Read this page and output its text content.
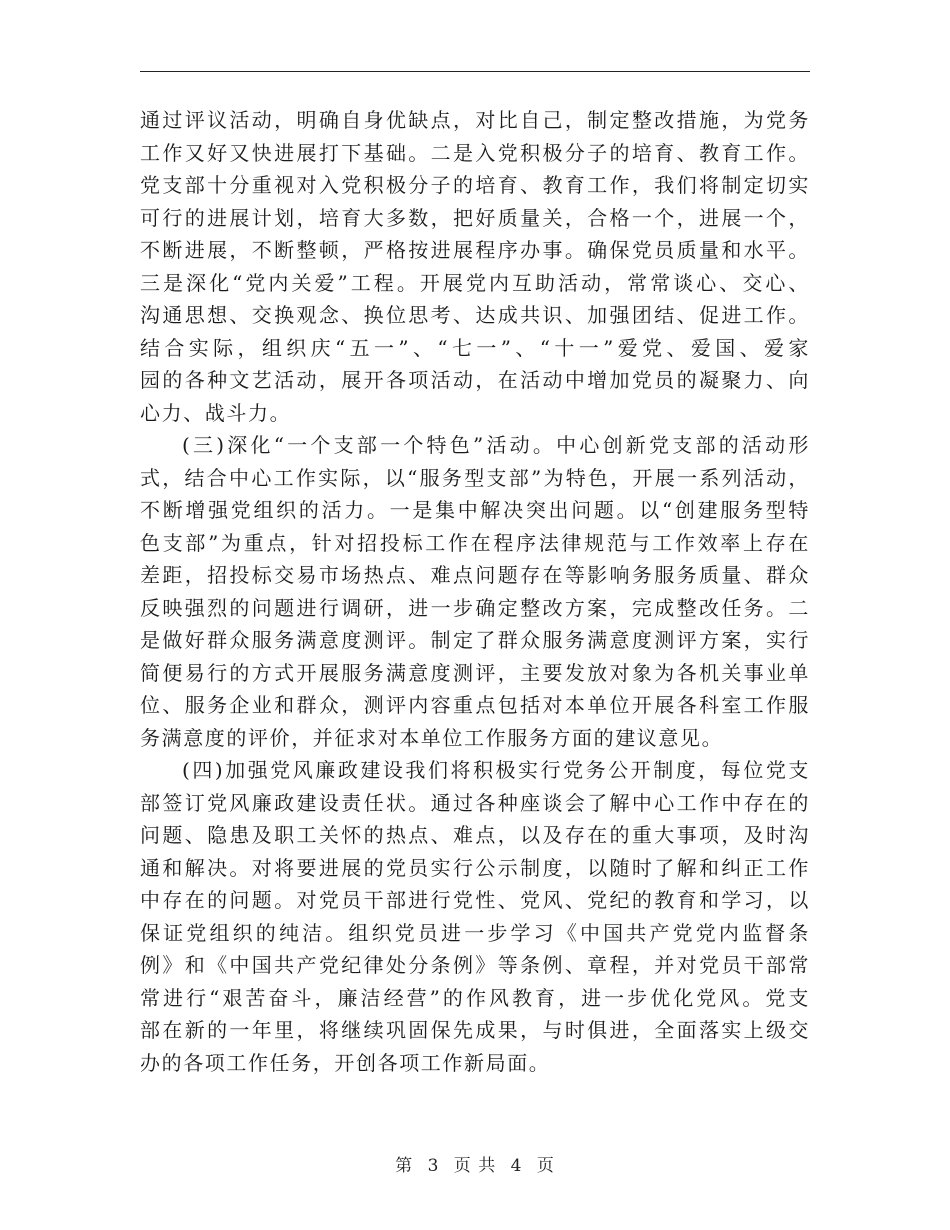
通过评议活动，明确自身优缺点，对比自己，制定整改措施，为党务
工作又好又快进展打下基础。二是入党积极分子的培育、教育工作。
党支部十分重视对入党积极分子的培育、教育工作，我们将制定切实
可行的进展计划，培育大多数，把好质量关，合格一个，进展一个，
不断进展，不断整顿，严格按进展程序办事。确保党员质量和水平。
三是深化“党内关爱”工程。开展党内互助活动，常常谈心、交心、
沟通思想、交换观念、换位思考、达成共识、加强团结、促进工作。
结合实际，组织庆“五一”、“七一”、“十一”爱党、爱国、爱家
园的各种文艺活动，展开各项活动，在活动中增加党员的凝聚力、向
心力、战斗力。
(三)深化“一个支部一个特色”活动。中心创新党支部的活动形
式，结合中心工作实际，以“服务型支部”为特色，开展一系列活动，
不断增强党组织的活力。一是集中解决突出问题。以“创建服务型特
色支部”为重点，针对招投标工作在程序法律规范与工作效率上存在
差距，招投标交易市场热点、难点问题存在等影响务服务质量、群众
反映强烈的问题进行调研，进一步确定整改方案，完成整改任务。二
是做好群众服务满意度测评。制定了群众服务满意度测评方案，实行
简便易行的方式开展服务满意度测评，主要发放对象为各机关事业单
位、服务企业和群众，测评内容重点包括对本单位开展各科室工作服
务满意度的评价，并征求对本单位工作服务方面的建议意见。
(四)加强党风廉政建设我们将积极实行党务公开制度，每位党支
部签订党风廉政建设责任状。通过各种座谈会了解中心工作中存在的
问题、隐患及职工关怀的热点、难点，以及存在的重大事项，及时沟
通和解决。对将要进展的党员实行公示制度，以随时了解和纠正工作
中存在的问题。对党员干部进行党性、党风、党纪的教育和学习，以
保证党组织的纯洁。组织党员进一步学习《中国共产党党内监督条
例》和《中国共产党纪律处分条例》等条例、章程，并对党员干部常
常进行“艰苦奋斗，廉洁经营”的作风教育，进一步优化党风。党支
部在新的一年里，将继续巩固保先成果，与时俱进，全面落实上级交
办的各项工作任务，开创各项工作新局面。
第 3 页 共 4 页
